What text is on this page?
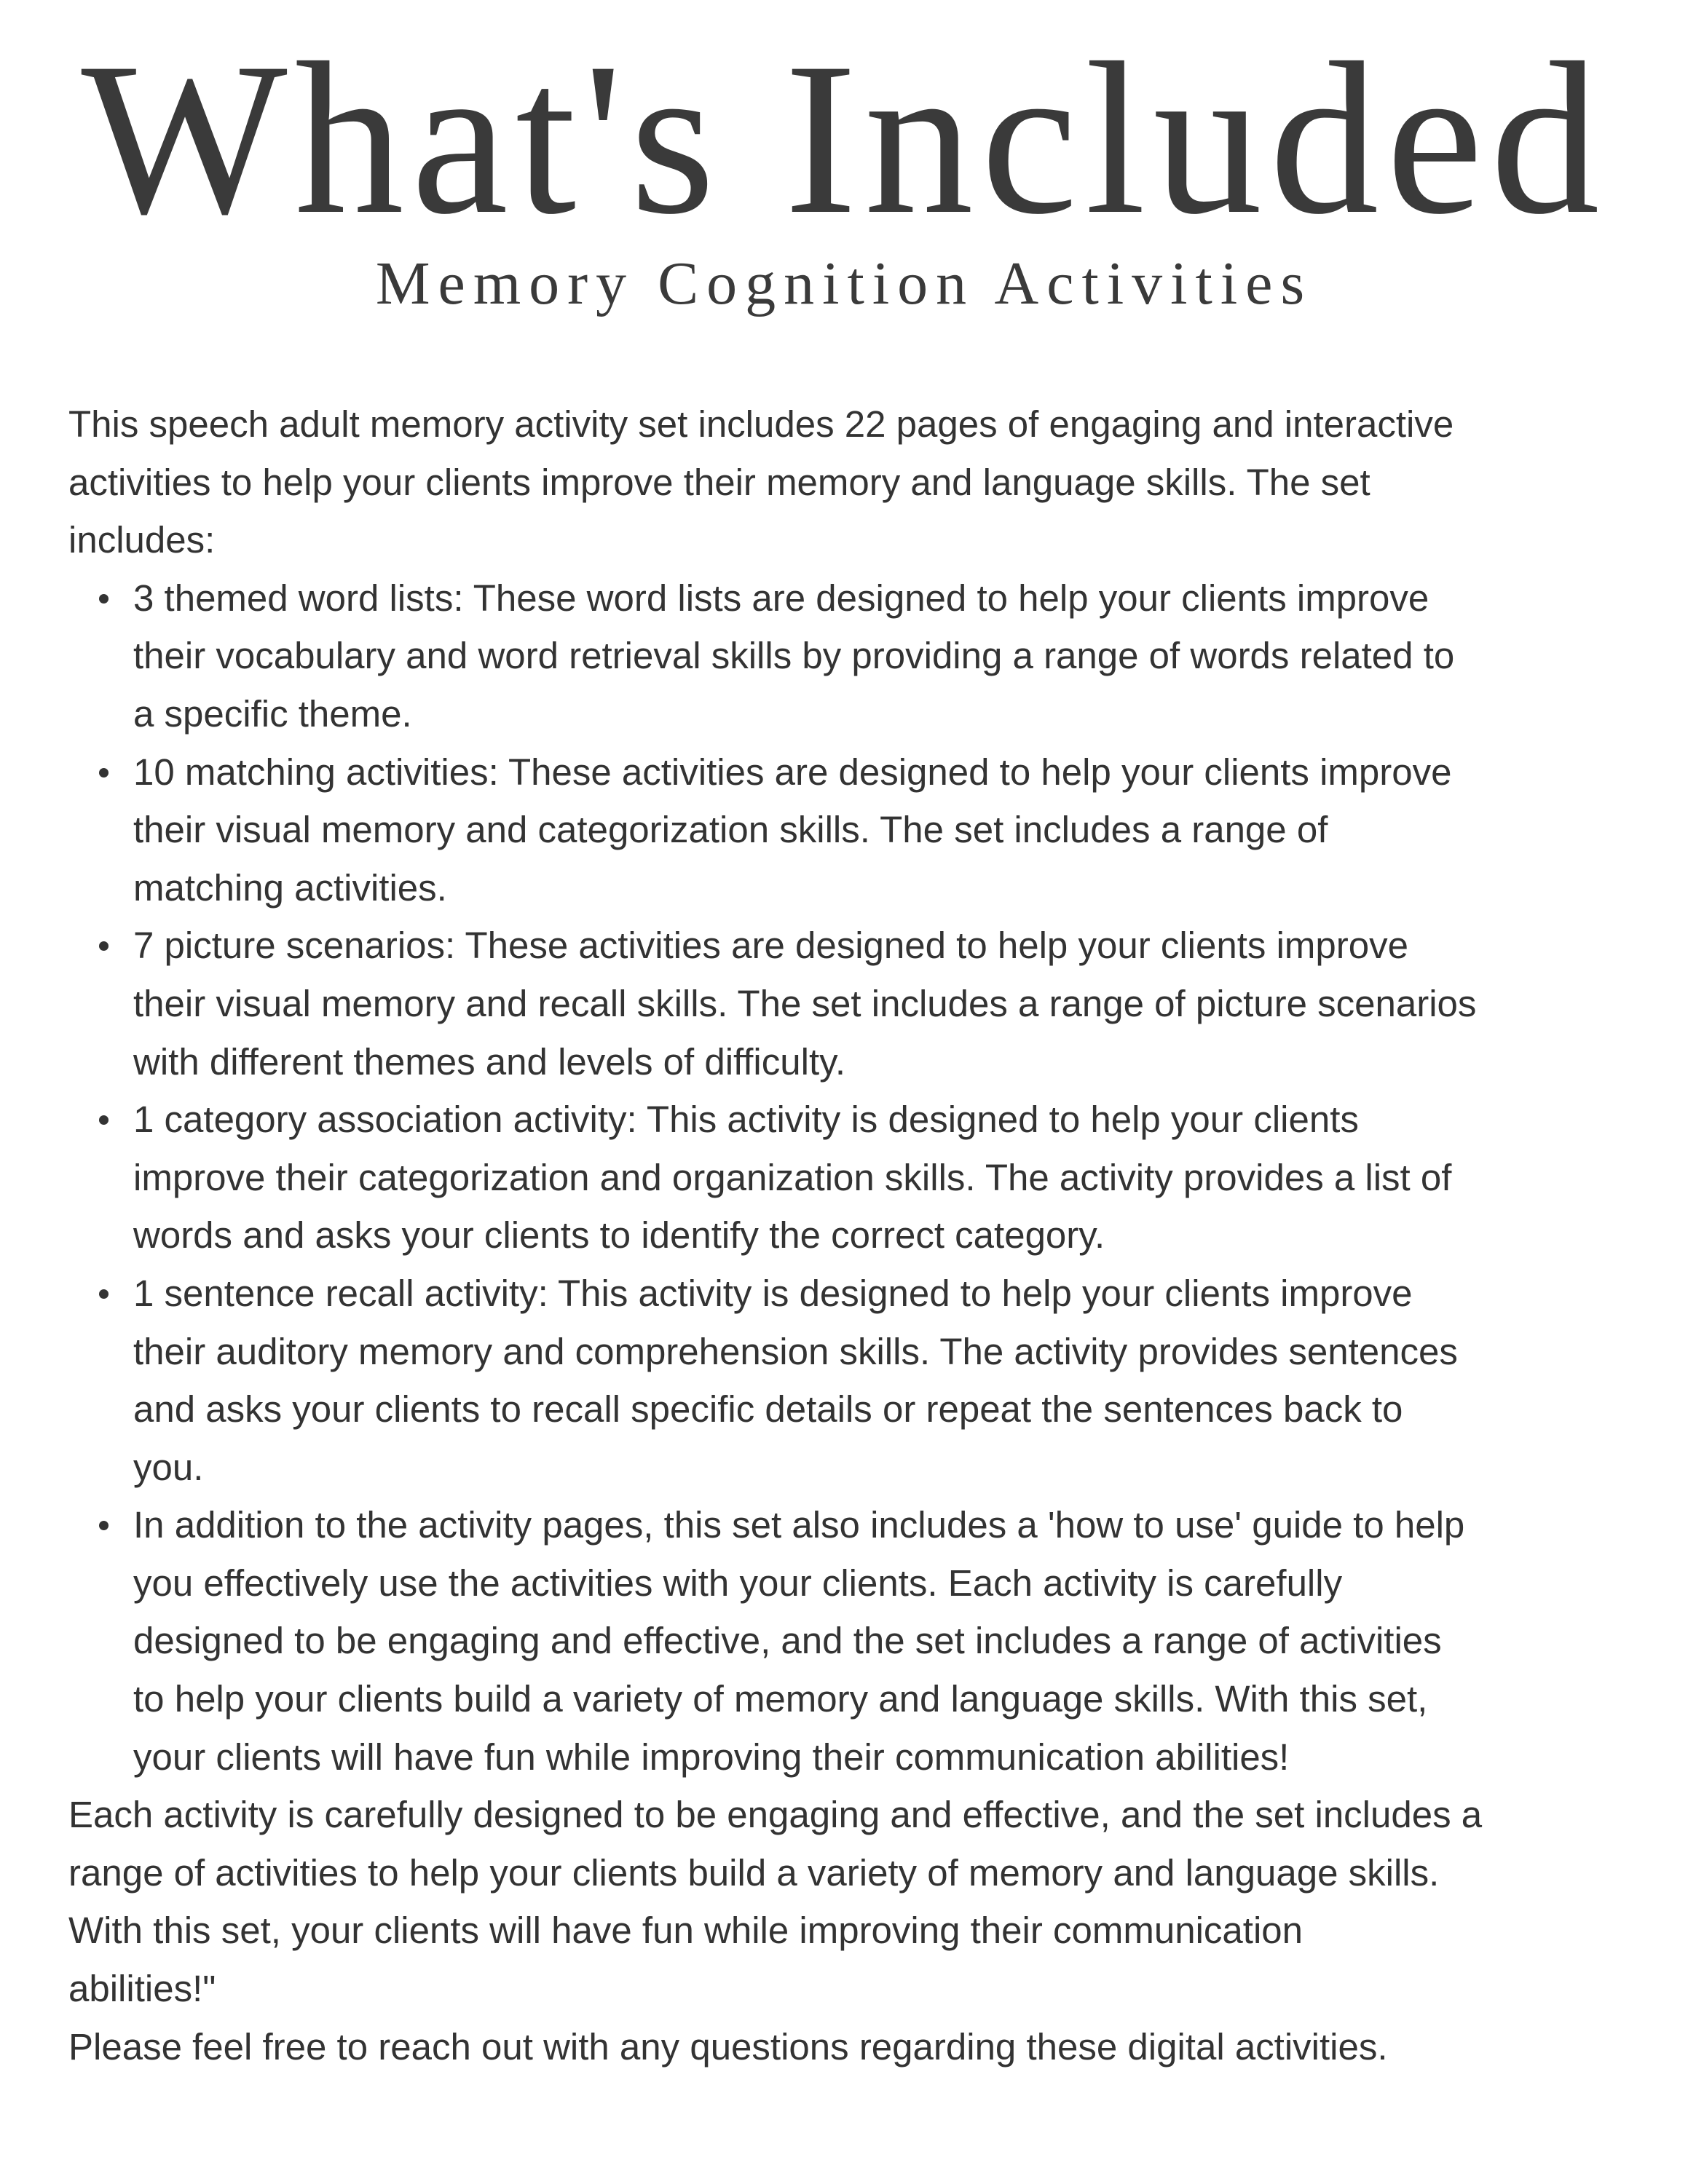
What's Included
Memory Cognition Activities

This speech adult memory activity set includes 22 pages of engaging and interactive
activities to help your clients improve their memory and language skills. The set
includes:

3 themed word lists: These word lists are designed to help your clients improve
their vocabulary and word retrieval skills by providing a range of words related to
a specific theme.
10 matching activities: These activities are designed to help your clients improve
their visual memory and categorization skills. The set includes a range of
matching activities.
7 picture scenarios: These activities are designed to help your clients improve
their visual memory and recall skills. The set includes a range of picture scenarios
with different themes and levels of difficulty.
1 category association activity: This activity is designed to help your clients
improve their categorization and organization skills. The activity provides a list of
words and asks your clients to identify the correct category.
1 sentence recall activity: This activity is designed to help your clients improve
their auditory memory and comprehension skills. The activity provides sentences
and asks your clients to recall specific details or repeat the sentences back to
you.
In addition to the activity pages, this set also includes a 'how to use' guide to help
you effectively use the activities with your clients. Each activity is carefully
designed to be engaging and effective, and the set includes a range of activities
to help your clients build a variety of memory and language skills. With this set,
your clients will have fun while improving their communication abilities!

Each activity is carefully designed to be engaging and effective, and the set includes a
range of activities to help your clients build a variety of memory and language skills.
With this set, your clients will have fun while improving their communication
abilities!"

Please feel free to reach out with any questions regarding these digital activities.
